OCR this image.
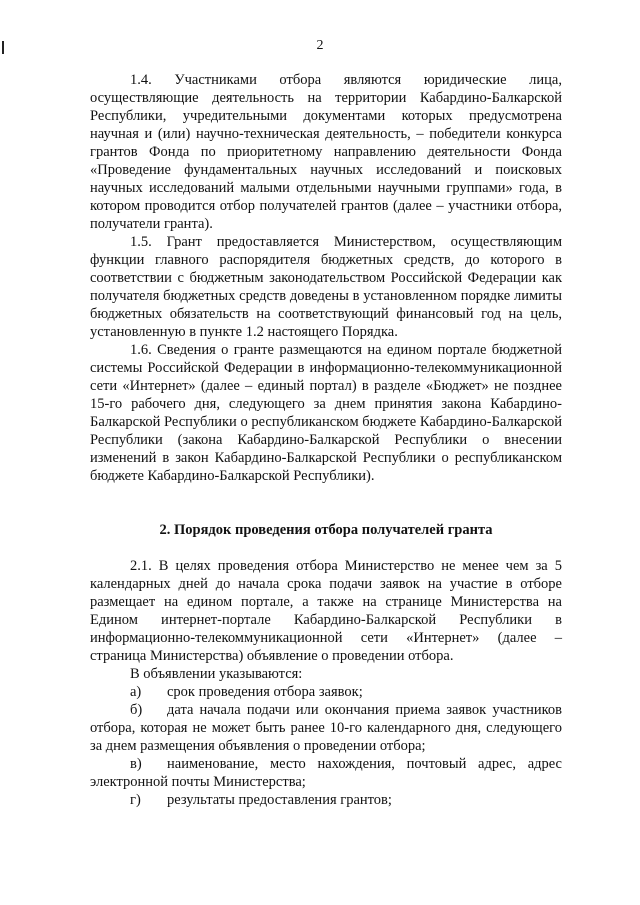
2

1.4. Участниками отбора являются юридические лица, осуществляющие деятельность на территории Кабардино-Балкарской Республики, учредительными документами которых предусмотрена научная и (или) научно-техническая деятельность, – победители конкурса грантов Фонда по приоритетному направлению деятельности Фонда «Проведение фундаментальных научных исследований и поисковых научных исследований малыми отдельными научными группами» года, в котором проводится отбор получателей грантов (далее – участники отбора, получатели гранта).

1.5. Грант предоставляется Министерством, осуществляющим функции главного распорядителя бюджетных средств, до которого в соответствии с бюджетным законодательством Российской Федерации как получателя бюджетных средств доведены в установленном порядке лимиты бюджетных обязательств на соответствующий финансовый год на цель, установленную в пункте 1.2 настоящего Порядка.

1.6. Сведения о гранте размещаются на едином портале бюджетной системы Российской Федерации в информационно-телекоммуникационной сети «Интернет» (далее – единый портал) в разделе «Бюджет» не позднее 15-го рабочего дня, следующего за днем принятия закона Кабардино-Балкарской Республики о республиканском бюджете Кабардино-Балкарской Республики (закона Кабардино-Балкарской Республики о внесении изменений в закон Кабардино-Балкарской Республики о республиканском бюджете Кабардино-Балкарской Республики).

2. Порядок проведения отбора получателей гранта

2.1. В целях проведения отбора Министерство не менее чем за 5 календарных дней до начала срока подачи заявок на участие в отборе размещает на едином портале, а также на странице Министерства на Едином интернет-портале Кабардино-Балкарской Республики в информационно-телекоммуникационной сети «Интернет» (далее – страница Министерства) объявление о проведении отбора.

В объявлении указываются:

а) срок проведения отбора заявок;

б) дата начала подачи или окончания приема заявок участников отбора, которая не может быть ранее 10-го календарного дня, следующего за днем размещения объявления о проведении отбора;

в) наименование, место нахождения, почтовый адрес, адрес электронной почты Министерства;

г) результаты предоставления грантов;
